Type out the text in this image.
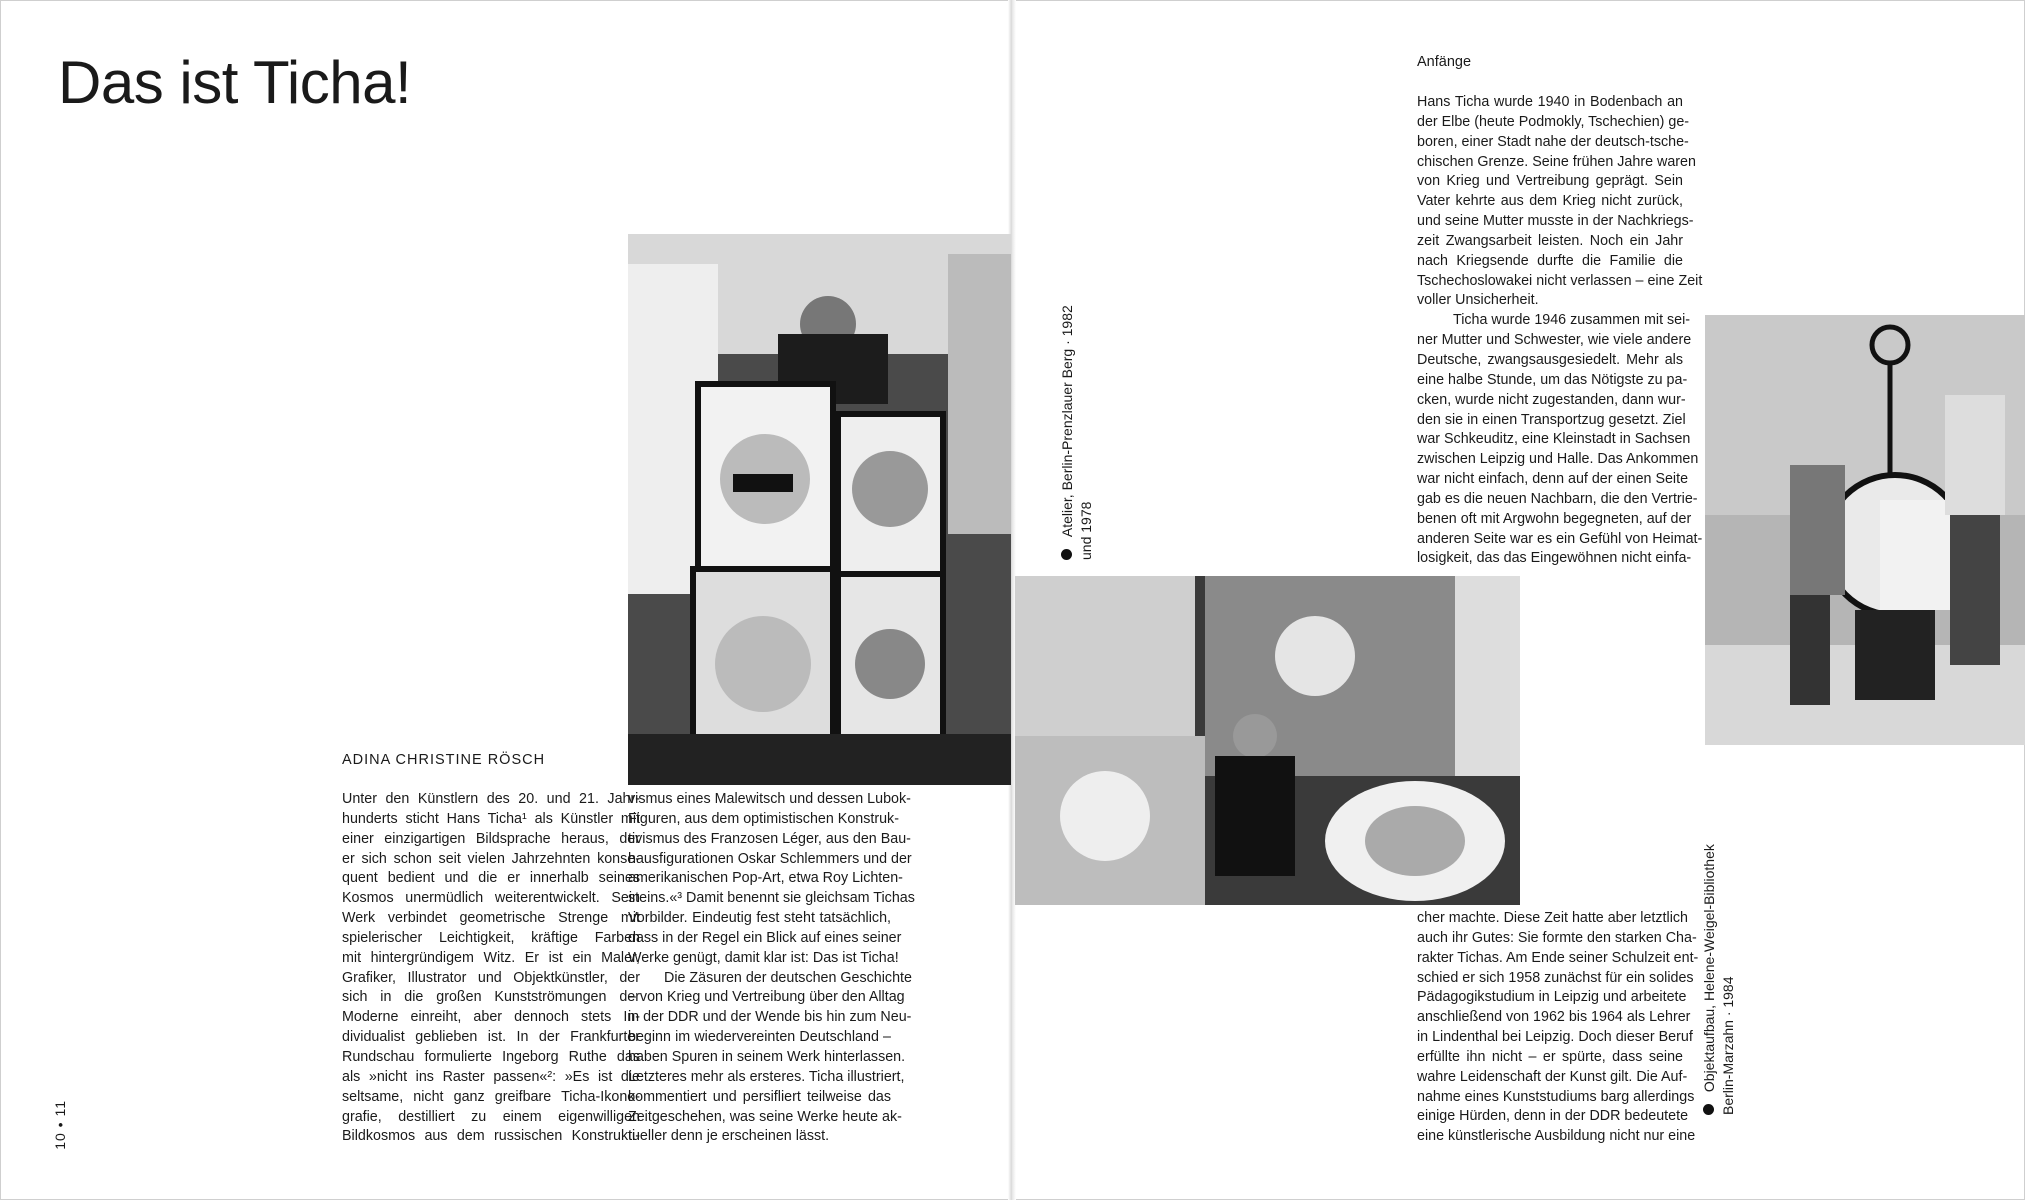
Das ist Ticha!
ADINA CHRISTINE RÖSCH
Unter den Künstlern des 20. und 21. Jahr-
hunderts sticht Hans Ticha¹ als Künstler mit
einer einzigartigen Bildsprache heraus, der
er sich schon seit vielen Jahrzehnten konse-
quent bedient und die er innerhalb seines
Kosmos unermüdlich weiterentwickelt. Sein
Werk verbindet geometrische Strenge mit
spielerischer Leichtigkeit, kräftige Farben
mit hintergründigem Witz. Er ist ein Maler,
Grafiker, Illustrator und Objektkünstler, der
sich in die großen Kunstströmungen der
Moderne einreiht, aber dennoch stets In-
dividualist geblieben ist. In der Frankfurter
Rundschau formulierte Ingeborg Ruthe das
als »nicht ins Raster passen«²: »Es ist die
seltsame, nicht ganz greifbare Ticha-Ikono-
grafie, destilliert zu einem eigenwilligen
Bildkosmos aus dem russischen Konstrukti-
vismus eines Malewitsch und dessen Lubok-
Figuren, aus dem optimistischen Konstruk-
tivismus des Franzosen Léger, aus den Bau-
hausfigurationen Oskar Schlemmers und der
amerikanischen Pop-Art, etwa Roy Lichten-
steins.«³ Damit benennt sie gleichsam Tichas
Vorbilder. Eindeutig fest steht tatsächlich,
dass in der Regel ein Blick auf eines seiner
Werke genügt, damit klar ist: Das ist Ticha!
Die Zäsuren der deutschen Geschichte
– von Krieg und Vertreibung über den Alltag
in der DDR und der Wende bis hin zum Neu-
beginn im wiedervereinten Deutschland –
haben Spuren in seinem Werk hinterlassen.
Letzteres mehr als ersteres. Ticha illustriert,
kommentiert und persifliert teilweise das
Zeitgeschehen, was seine Werke heute ak-
tueller denn je erscheinen lässt.
10 • 11
Atelier, Berlin-Prenzlauer Berg · 1982 und 1978
Anfänge
Hans Ticha wurde 1940 in Bodenbach an
der Elbe (heute Podmokly, Tschechien) ge-
boren, einer Stadt nahe der deutsch-tsche-
chischen Grenze. Seine frühen Jahre waren
von Krieg und Vertreibung geprägt. Sein
Vater kehrte aus dem Krieg nicht zurück,
und seine Mutter musste in der Nachkriegs-
zeit Zwangsarbeit leisten. Noch ein Jahr
nach Kriegsende durfte die Familie die
Tschechoslowakei nicht verlassen – eine Zeit
voller Unsicherheit.
Ticha wurde 1946 zusammen mit sei-
ner Mutter und Schwester, wie viele andere
Deutsche, zwangsausgesiedelt. Mehr als
eine halbe Stunde, um das Nötigste zu pa-
cken, wurde nicht zugestanden, dann wur-
den sie in einen Transportzug gesetzt. Ziel
war Schkeuditz, eine Kleinstadt in Sachsen
zwischen Leipzig und Halle. Das Ankommen
war nicht einfach, denn auf der einen Seite
gab es die neuen Nachbarn, die den Vertrie-
benen oft mit Argwohn begegneten, auf der
anderen Seite war es ein Gefühl von Heimat-
losigkeit, das das Eingewöhnen nicht einfa-
cher machte. Diese Zeit hatte aber letztlich
auch ihr Gutes: Sie formte den starken Cha-
rakter Tichas. Am Ende seiner Schulzeit ent-
schied er sich 1958 zunächst für ein solides
Pädagogikstudium in Leipzig und arbeitete
anschließend von 1962 bis 1964 als Lehrer
in Lindenthal bei Leipzig. Doch dieser Beruf
erfüllte ihn nicht – er spürte, dass seine
wahre Leidenschaft der Kunst gilt. Die Auf-
nahme eines Kunststudiums barg allerdings
einige Hürden, denn in der DDR bedeutete
eine künstlerische Ausbildung nicht nur eine
Objektaufbau, Helene-Weigel-Bibliothek Berlin-Marzahn · 1984
